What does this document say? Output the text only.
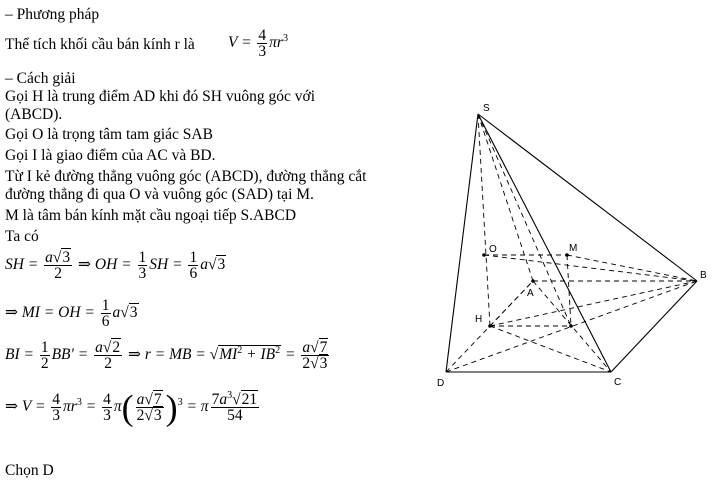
– Phương pháp
Thể tích khối cầu bán kính r là $V = \frac{4}{3} \pi r^3$
– Cách giải
Gọi H là trung điểm AD khi đó SH vuông góc với
(ABCD).
Gọi O là trọng tâm tam giác SAB
Gọi I là giao điểm của AC và BD.
Từ I kẻ đường thẳng vuông góc (ABCD), đường thẳng cắt
đường thẳng đi qua O và vuông góc (SAD) tại M.
M là tâm bán kính mặt cầu ngoại tiếp S.ABCD
Ta có
SH = $\frac{a√3}{2}$ ⇒ OH = $\frac{1}{3}$ SH = $\frac{1}{6} a√3$
⇒ MI = OH = $\frac{1}{6} a√3$
BI = $\frac{1}{2} BB' = \frac{a√2}{2}$ ⇒ r = MB = $√MI^2 + IB^2 = \frac{a√7}{2√3}$
⇒ $V = \frac{4}{3} \pi r^3 = \frac{4}{3} \pi( \frac{a√7}{2√3} )^3 = \pi \frac{7a^3√21}{54}$
Chọn D
S
O	M
A
B
H
D	C
